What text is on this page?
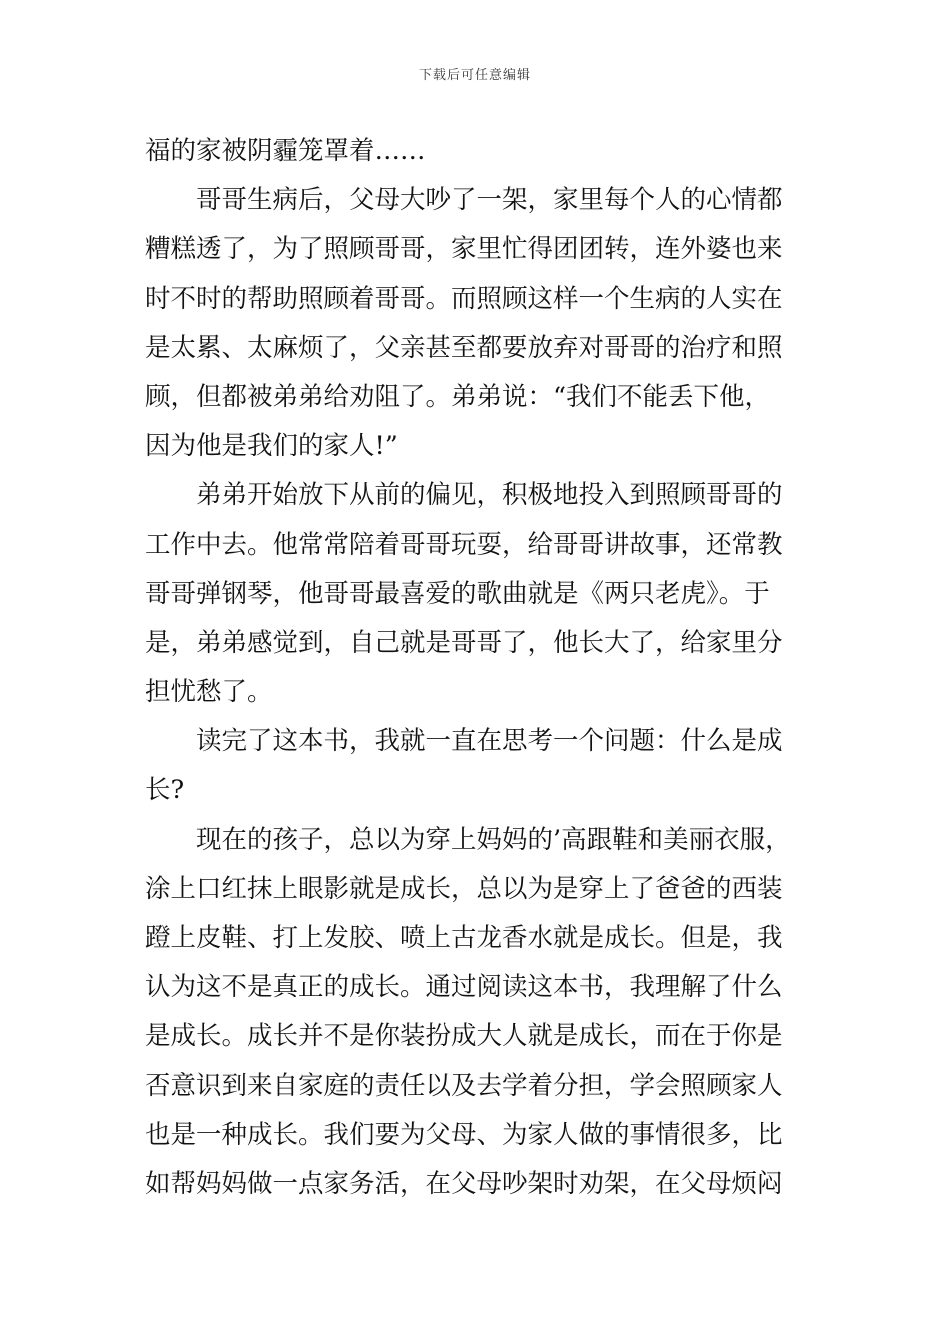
下载后可任意编辑
福的家被阴霾笼罩着……
哥哥生病后，父母大吵了一架，家里每个人的心情都
糟糕透了，为了照顾哥哥，家里忙得团团转，连外婆也来
时不时的帮助照顾着哥哥。而照顾这样一个生病的人实在
是太累、太麻烦了，父亲甚至都要放弃对哥哥的治疗和照
顾，但都被弟弟给劝阻了。弟弟说：“我们不能丢下他，
因为他是我们的家人!”
弟弟开始放下从前的偏见，积极地投入到照顾哥哥的
工作中去。他常常陪着哥哥玩耍，给哥哥讲故事，还常教
哥哥弹钢琴，他哥哥最喜爱的歌曲就是《两只老虎》。于
是，弟弟感觉到，自己就是哥哥了，他长大了，给家里分
担忧愁了。
读完了这本书，我就一直在思考一个问题：什么是成
长?
现在的孩子，总以为穿上妈妈的’高跟鞋和美丽衣服，
涂上口红抹上眼影就是成长，总以为是穿上了爸爸的西装
蹬上皮鞋、打上发胶、喷上古龙香水就是成长。但是，我
认为这不是真正的成长。通过阅读这本书，我理解了什么
是成长。成长并不是你装扮成大人就是成长，而在于你是
否意识到来自家庭的责任以及去学着分担，学会照顾家人
也是一种成长。我们要为父母、为家人做的事情很多，比
如帮妈妈做一点家务活，在父母吵架时劝架，在父母烦闷
